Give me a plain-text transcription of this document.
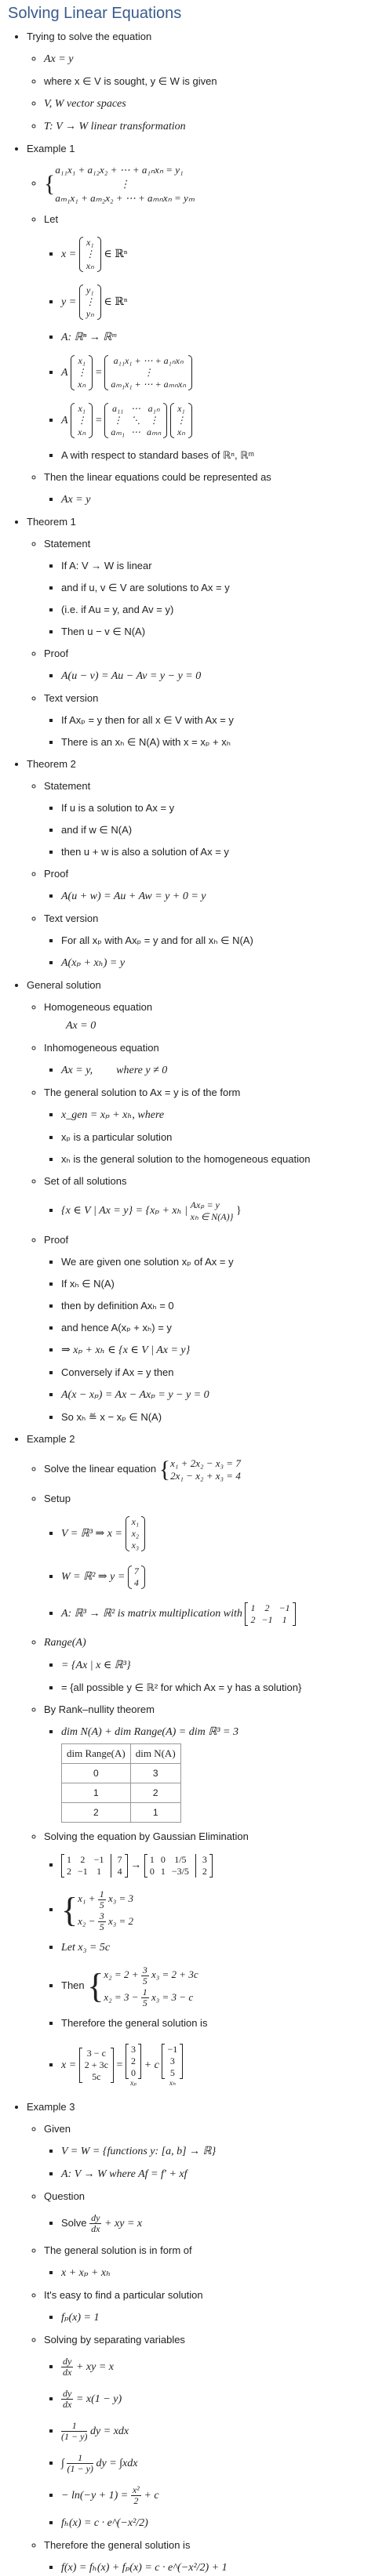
Solving Linear Equations
• Trying to solve the equation
◦ Ax = y
◦ where x ∈ V is sought, y ∈ W is given
◦ V, W vector spaces
◦ T: V → W linear transformation
• Example 1
◦ {
a₁₁x₁ + a₁₂x₂ + ⋯ + a₁ₙxₙ = y₁
⋮
aₘ₁x₁ + aₘ₂x₂ + ⋯ + aₘₙxₙ = yₘ
◦ Let
▪ x =
x₁
⋮
xₙ
∈ ℝⁿ
▪ y =
y₁
⋮
yₙ
∈ ℝⁿ
▪ A: ℝⁿ → ℝᵐ
▪ A
x₁
⋮
xₙ
=
a₁₁x₁ + ⋯ + a₁ₙxₙ
⋮
aₘ₁x₁ + ⋯ + aₘₙxₙ
▪ A
x₁
⋮
xₙ
=
a₁₁ ⋯ a₁ₙ
⋮ ⋱ ⋮
aₘ₁ ⋯ aₘₙ

x₁
⋮
xₙ
▪ A with respect to standard bases of ℝⁿ, ℝᵐ
◦ Then the linear equations could be represented as
▪ Ax = y
• Theorem 1
◦ Statement
▪ If A: V → W is linear
▪ and if u, v ∈ V are solutions to Ax = y
▪ (i.e. if Au = y, and Av = y)
▪ Then u − v ∈ N(A)
◦ Proof
▪ A(u − v) = Au − Av = y − y = 0
◦ Text version
▪ If Axₚ = y then for all x ∈ V with Ax = y
▪ There is an xₕ ∈ N(A) with x = xₚ + xₕ
• Theorem 2
◦ Statement
▪ If u is a solution to Ax = y
▪ and if w ∈ N(A)
▪ then u + w is also a solution of Ax = y
◦ Proof
▪ A(u + w) = Au + Aw = y + 0 = y
◦ Text version
▪ For all xₚ with Axₚ = y and for all xₕ ∈ N(A)
▪ A(xₚ + xₕ) = y
• General solution
◦ Homogeneous equation
Ax = 0
◦ Inhomogeneous equation
▪ Ax = y, where y ≠ 0
◦ The general solution to Ax = y is of the form
▪ x_gen = xₚ + xₕ, where
▪ xₚ is a particular solution
▪ xₕ is the general solution to the homogeneous equation
◦ Set of all solutions
▪ {x ∈ V | Ax = y} = {xₚ + xₕ |
Axₚ = y
xₕ ∈ N(A)} }
◦ Proof
▪ We are given one solution xₚ of Ax = y
▪ If xₕ ∈ N(A)
▪ then by definition Axₕ = 0
▪ and hence A(xₚ + xₕ) = y
▪ ⇒ xₚ + xₕ ∈ {x ∈ V | Ax = y}
▪ Conversely if Ax = y then
▪ A(x − xₚ) = Ax − Axₚ = y − y = 0
▪ So xₕ ≝ x − xₚ ∈ N(A)
• Example 2
◦ Solve the linear equation { x₁ + 2x₂ − x₃ = 7
2x₁ − x₂ + x₃ = 4
◦ Setup
▪ V = ℝ³ ⇒ x =
x₁
x₂
x₃
▪ W = ℝ² ⇒ y =
7
4
▪ A: ℝ³ → ℝ² is matrix multiplication with
1	2	−1
2 −1	1
◦ Range(A)
▪ = {Ax | x ∈ ℝ³}
▪ = {all possible y ∈ ℝ² for which Ax = y has a solution}
◦ By Rank–nullity theorem
▪ dim N(A) + dim Range(A) = dim ℝ³ = 3
dim Range(A)	dim N(A)
0	3
1	2
2	1
◦ Solving the equation by Gaussian Elimination
▪ 1 2 −1 7
2 −1 1 4 →
1 0 1/5 3
0 1 −3/5 2
▪ { $x_1 + \frac{1}{5} x_3 = 3$
$x_2 - \frac{3}{5} x_3 = 2$
▪ Let x₃ = 5c
▪ Then { $x_2 = 2 + \frac{3}{5} x_3 = 2 + 3c$
$x_2 = 3 - \frac{1}{5} x_3 = 3 - c$
▪ Therefore the general solution is
▪ x =
3 − c
2 + 3c
5c
=
3
2
0
xₚ
+ c
−1
3
5
xₕ
• Example 3
◦ Given
▪ V = W = {functions y: [a, b] → ℝ}
▪ A: V → W where Af = f′ + xf
◦ Question
▪ Solve $\frac{dy}{dx}$ + xy = x
◦ The general solution is in form of
▪ x + xₚ + xₕ
◦ It's easy to find a particular solution
▪ fₚ(x) = 1
◦ Solving by separating variables
▪ $\frac{dy}{dx}$ + xy = x
▪ $\frac{dy}{dx} = x(1 - y)$
▪ $\frac{1}{(1 - y)}$ dy = xdx
▪ ∫ $\frac{1}{(1 - y)}$ dy = ∫xdx
▪ − $\ln(-y + 1) = \frac{\text{x²}}{2} + c$
▪ fₕ(x) = c · e^(−x²/2)
◦ Therefore the general solution is
▪ f(x) = fₕ(x) + fₚ(x) = c · e^(−x²/2) + 1
